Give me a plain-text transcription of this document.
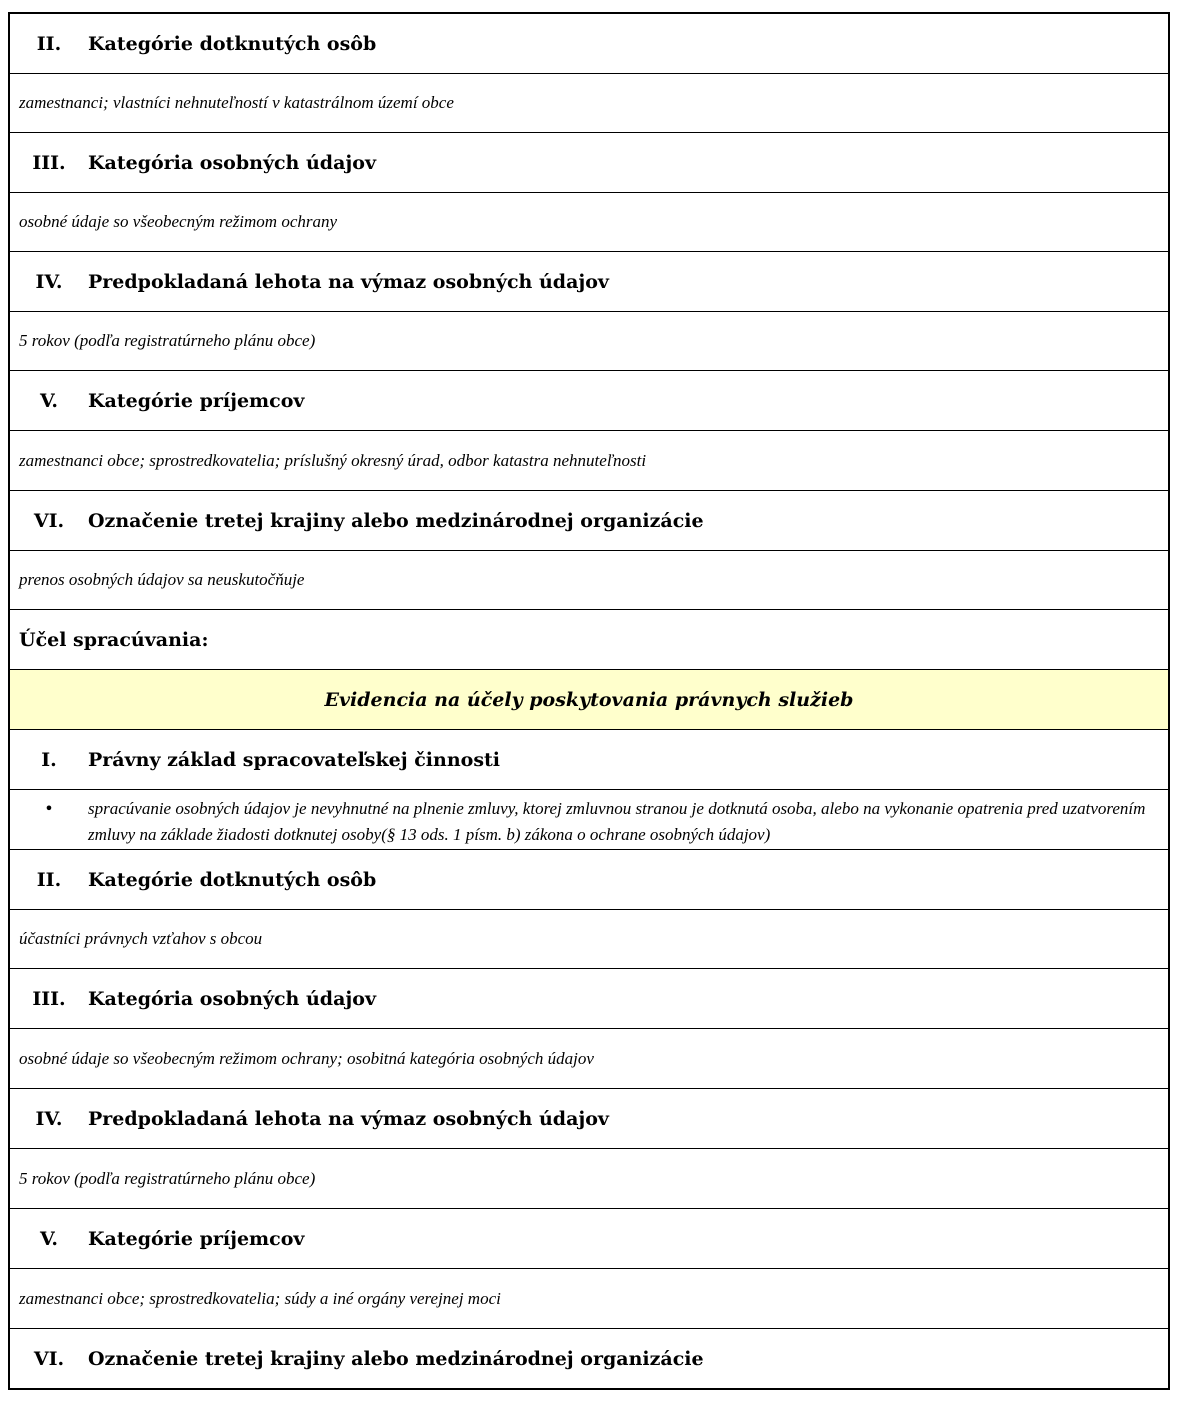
II.	Kategórie dotknutých osôb
zamestnanci; vlastníci nehnuteľností v katastrálnom území obce
III.	Kategória osobných údajov
osobné údaje so všeobecným režimom ochrany
IV.	Predpokladaná lehota na výmaz osobných údajov
5 rokov (podľa registratúrneho plánu obce)
V.	Kategórie príjemcov
zamestnanci obce; sprostredkovatelia; príslušný okresný úrad, odbor katastra nehnuteľnosti
VI.	Označenie tretej krajiny alebo medzinárodnej organizácie
prenos osobných údajov sa neuskutočňuje
Účel spracúvania:
Evidencia na účely poskytovania právnych služieb
I.	Právny základ spracovateľskej činnosti
•	spracúvanie osobných údajov je nevyhnutné na plnenie zmluvy, ktorej zmluvnou stranou je dotknutá osoba, alebo na vykonanie opatrenia pred uzatvorením zmluvy na základe žiadosti dotknutej osoby(§ 13 ods. 1 písm. b) zákona o ochrane osobných údajov)
II.	Kategórie dotknutých osôb
účastníci právnych vzťahov s obcou
III.	Kategória osobných údajov
osobné údaje so všeobecným režimom ochrany; osobitná kategória osobných údajov
IV.	Predpokladaná lehota na výmaz osobných údajov
5 rokov (podľa registratúrneho plánu obce)
V.	Kategórie príjemcov
zamestnanci obce; sprostredkovatelia; súdy a iné orgány verejnej moci
VI.	Označenie tretej krajiny alebo medzinárodnej organizácie
